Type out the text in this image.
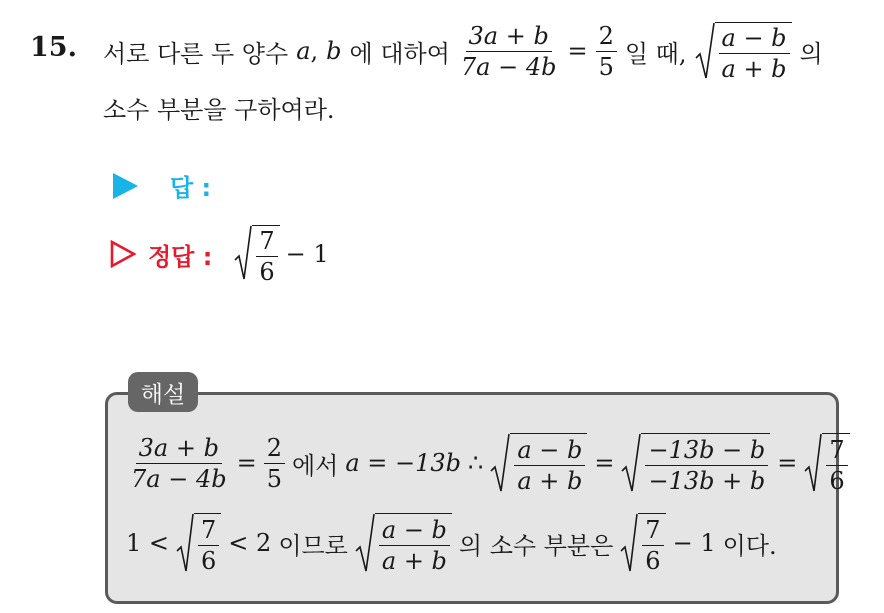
15. 서로 다른 두 양수 a , b 에 대하여 $\frac{3a + b}{7a - 4b} = \frac{2}{5}$ 일 때, $\frac{a - b}{a + b}$ 의
소수 부분을 구하여라.
답 :
정답 : $\frac{7}{6} - 1$
해설
$\frac{3a + b}{7a - 4b} = \frac{2}{5}$ 에서 a = −13b ∴ $\frac{a - b}{a + b} = \frac{-13b - b}{-13b + b} = \frac{7}{6}$
$1 < \frac{7}{6} < 2$ 이므로 $\frac{a - b}{a + b}$ 의 소수 부분은 $\frac{7}{6} - 1$ 이다.
